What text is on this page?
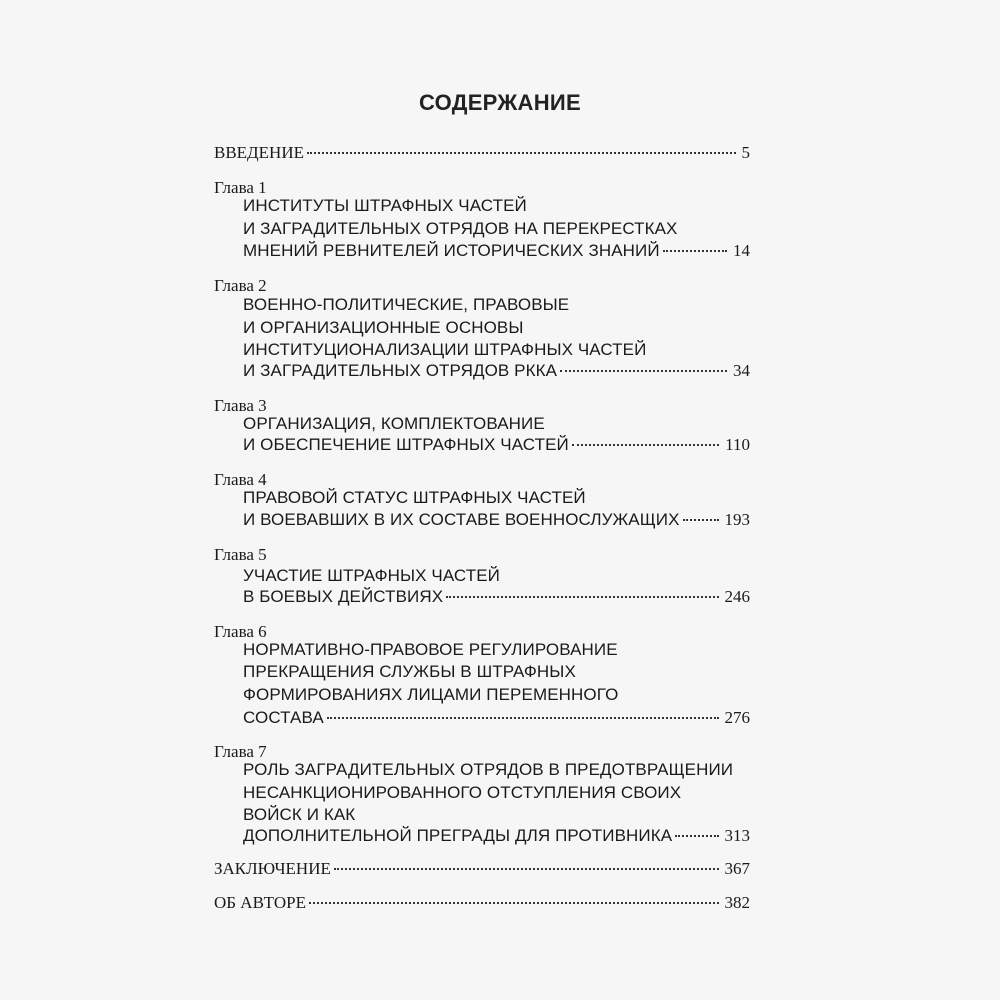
СОДЕРЖАНИЕ
ВВЕДЕНИЕ	5
Глава 1
ИНСТИТУТЫ ШТРАФНЫХ ЧАСТЕЙ
И ЗАГРАДИТЕЛЬНЫХ ОТРЯДОВ НА ПЕРЕКРЕСТКАХ
МНЕНИЙ РЕВНИТЕЛЕЙ ИСТОРИЧЕСКИХ ЗНАНИЙ	14
Глава 2
ВОЕННО-ПОЛИТИЧЕСКИЕ, ПРАВОВЫЕ
И ОРГАНИЗАЦИОННЫЕ ОСНОВЫ
ИНСТИТУЦИОНАЛИЗАЦИИ ШТРАФНЫХ ЧАСТЕЙ
И ЗАГРАДИТЕЛЬНЫХ ОТРЯДОВ РККА	34
Глава 3
ОРГАНИЗАЦИЯ, КОМПЛЕКТОВАНИЕ
И ОБЕСПЕЧЕНИЕ ШТРАФНЫХ ЧАСТЕЙ	110
Глава 4
ПРАВОВОЙ СТАТУС ШТРАФНЫХ ЧАСТЕЙ
И ВОЕВАВШИХ В ИХ СОСТАВЕ ВОЕННОСЛУЖАЩИХ	193
Глава 5
УЧАСТИЕ ШТРАФНЫХ ЧАСТЕЙ
В БОЕВЫХ ДЕЙСТВИЯХ	246
Глава 6
НОРМАТИВНО-ПРАВОВОЕ РЕГУЛИРОВАНИЕ
ПРЕКРАЩЕНИЯ СЛУЖБЫ В ШТРАФНЫХ
ФОРМИРОВАНИЯХ ЛИЦАМИ ПЕРЕМЕННОГО
СОСТАВА	276
Глава 7
РОЛЬ ЗАГРАДИТЕЛЬНЫХ ОТРЯДОВ В ПРЕДОТВРАЩЕНИИ
НЕСАНКЦИОНИРОВАННОГО ОТСТУПЛЕНИЯ СВОИХ
ВОЙСК И КАК
ДОПОЛНИТЕЛЬНОЙ ПРЕГРАДЫ ДЛЯ ПРОТИВНИКА	313
ЗАКЛЮЧЕНИЕ	367
ОБ АВТОРЕ	382
